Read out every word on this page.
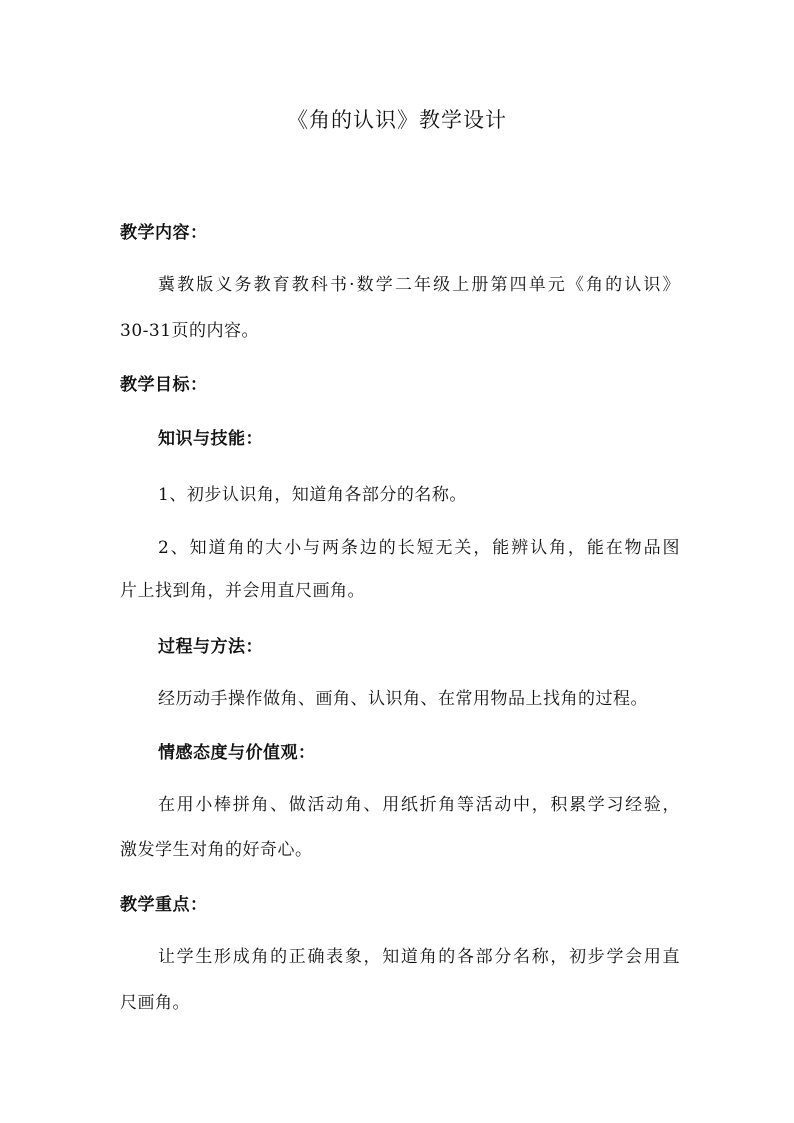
《角的认识》教学设计

教学内容：

冀教版义务教育教科书·数学二年级上册第四单元《角的认识》

30-31页的内容。

教学目标：

知识与技能：

1、初步认识角，知道角各部分的名称。

2、知道角的大小与两条边的长短无关，能辨认角，能在物品图

片上找到角，并会用直尺画角。

过程与方法：

经历动手操作做角、画角、认识角、在常用物品上找角的过程。

情感态度与价值观：

在用小棒拼角、做活动角、用纸折角等活动中，积累学习经验，

激发学生对角的好奇心。

教学重点：

让学生形成角的正确表象，知道角的各部分名称，初步学会用直

尺画角。
